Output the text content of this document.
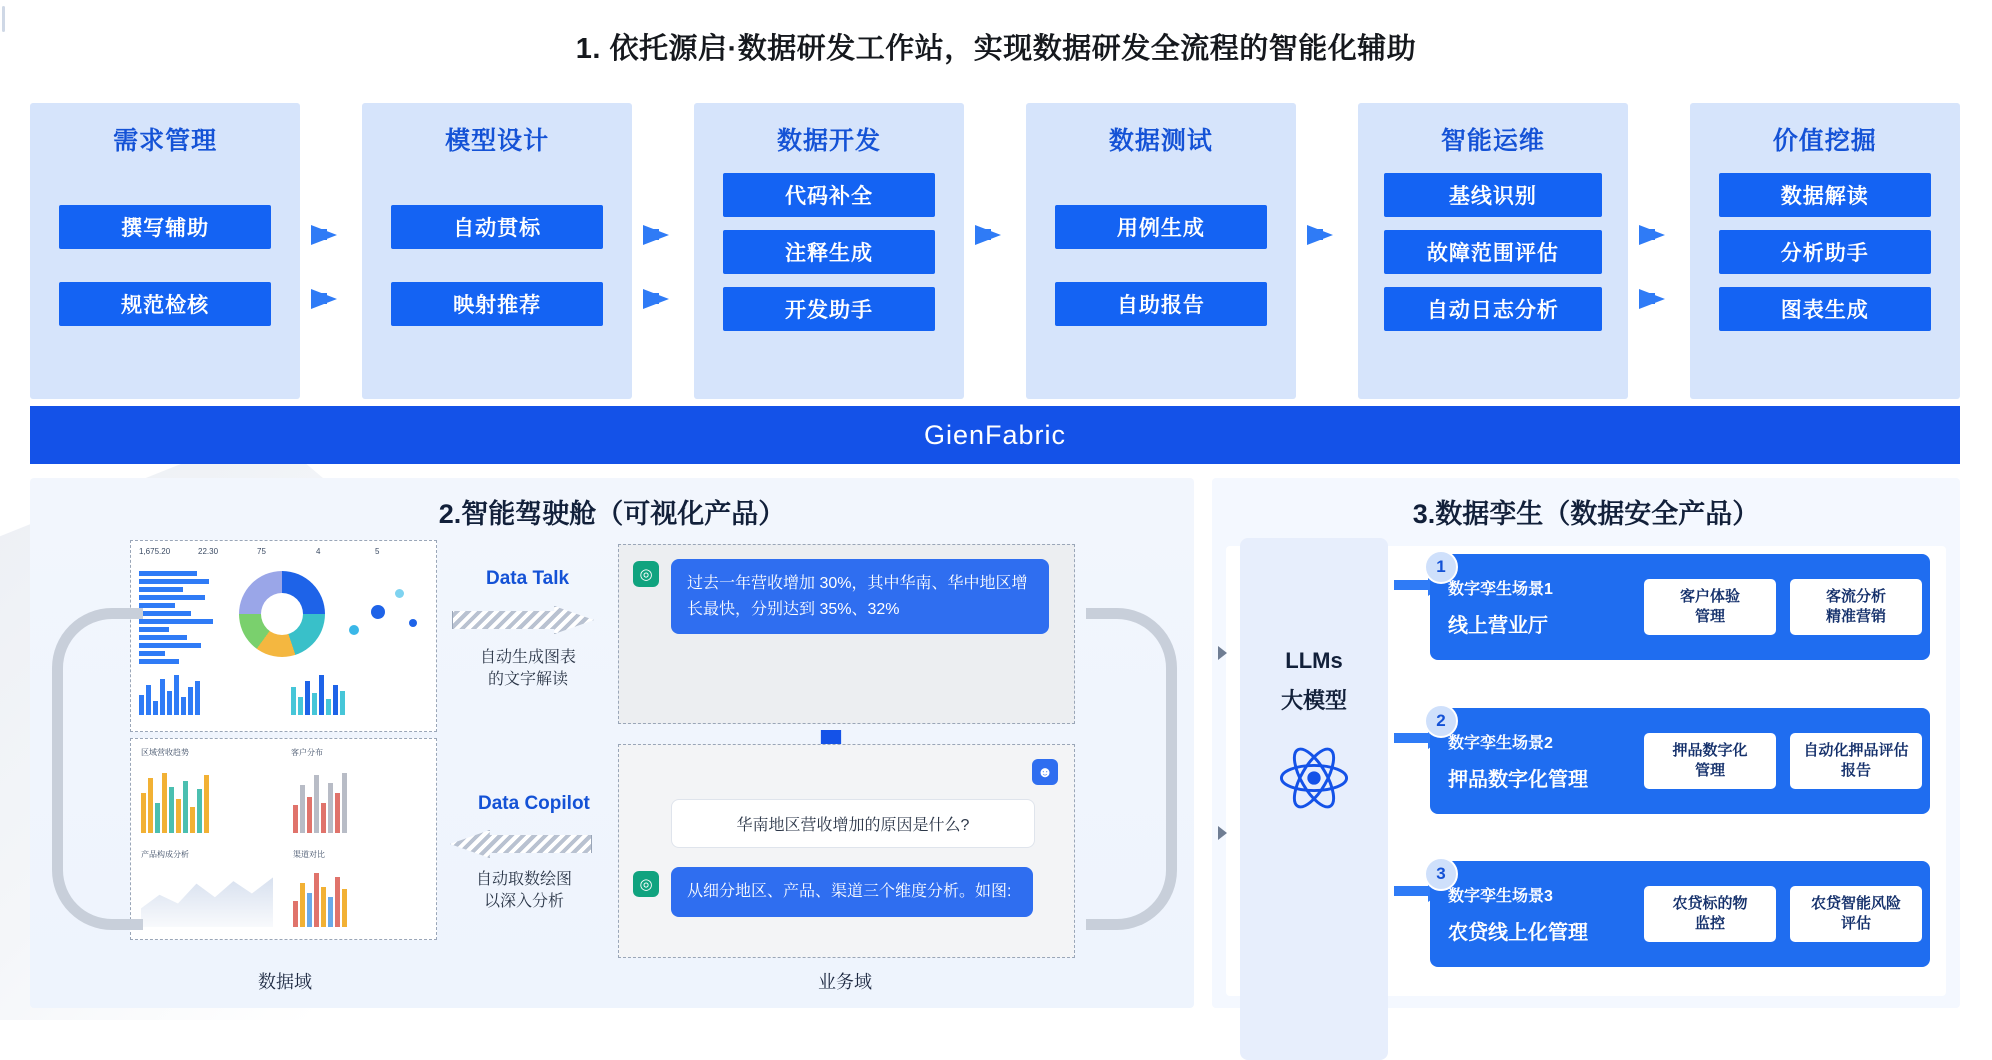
1. 依托源启·数据研发工作站，实现数据研发全流程的智能化辅助
需求管理
撰写辅助
规范检核
模型设计
自动贯标
映射推荐
数据开发
代码补全
注释生成
开发助手
数据测试
用例生成
自助报告
智能运维
基线识别
故障范围评估
自动日志分析
价值挖掘
数据解读
分析助手
图表生成
GienFabric
2.智能驾驶舱（可视化产品）
1,675.20	22.30	75	4	5
Data Talk
自动生成图表
的文字解读
◎
过去一年营收增加 30%，其中华南、华中地区增长最快，分别达到 35%、32%
区域营收趋势	客户分布
产品构成分析	渠道对比
Data Copilot
自动取数绘图
以深入分析
☻
华南地区营收增加的原因是什么?
◎	从细分地区、产品、渠道三个维度分析。如图:
数据域	业务域
3.数据孪生（数据安全产品）
LLMs
大模型
1
数字孪生场景1
线上营业厅
客户体验
管理
客流分析
精准营销
2
数字孪生场景2
押品数字化管理
押品数字化
管理
自动化押品评估
报告
3
数字孪生场景3
农贷线上化管理
农贷标的物
监控
农贷智能风险
评估
